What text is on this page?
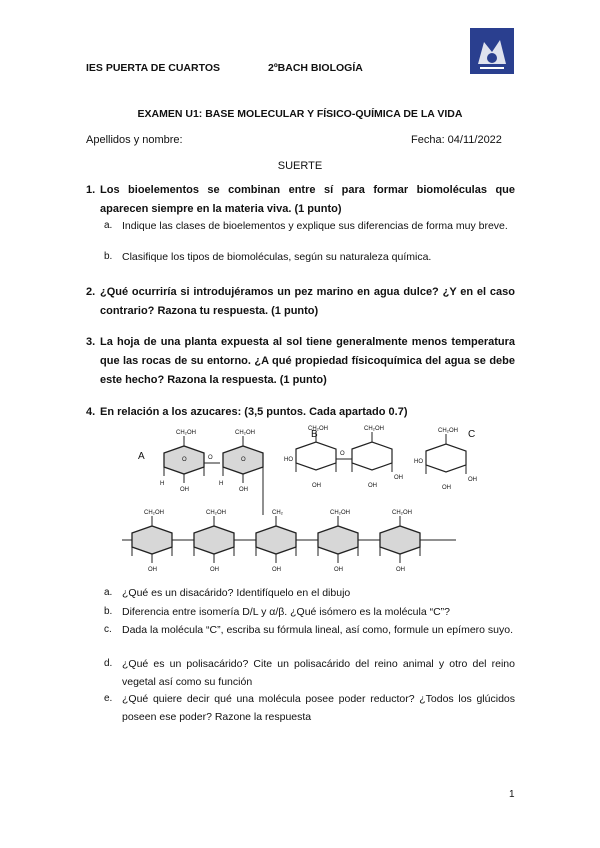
IES PUERTA DE CUARTOS	2ºBACH BIOLOGÍA
EXAMEN U1: BASE MOLECULAR Y FÍSICO-QUÍMICA DE LA VIDA
Apellidos y nombre:	Fecha: 04/11/2022
SUERTE
1. Los bioelementos se combinan entre sí para formar biomoléculas que aparecen siempre en la materia viva. (1 punto)
a. Indique las clases de bioelementos y explique sus diferencias de forma muy breve.
b. Clasifique los tipos de biomoléculas, según su naturaleza química.
2. ¿Qué ocurriría si introdujéramos un pez marino en agua dulce? ¿Y en el caso contrario? Razona tu respuesta. (1 punto)
3. La hoja de una planta expuesta al sol tiene generalmente menos temperatura que las rocas de su entorno. ¿A qué propiedad físicoquímica del agua se debe este hecho? Razona la respuesta. (1 punto)
4. En relación a los azucares: (3,5 puntos. Cada apartado 0.7)
A
B	C
CH₂OH
O
H
OH
O
CH₂OH
O
H
OH
CH₂OH
HO
OH
O
CH₂OH
OH
OH
CH₂OH
HO
OH
OH
CH₂OH
OH
CH₂OH
OH
CH₂
OH
CH₂OH
OH
CH₂OH
OH
a. ¿Qué es un disacárido? Identifíquelo en el dibujo
b. Diferencia entre isomería D/L y α/β. ¿Qué isómero es la molécula “C”?
c. Dada la molécula “C”, escriba su fórmula lineal, así como, formule un epímero suyo.
d. ¿Qué es un polisacárido? Cite un polisacárido del reino animal y otro del reino vegetal así como su función
e. ¿Qué quiere decir qué una molécula posee poder reductor? ¿Todos los glúcidos poseen ese poder? Razone la respuesta
1
